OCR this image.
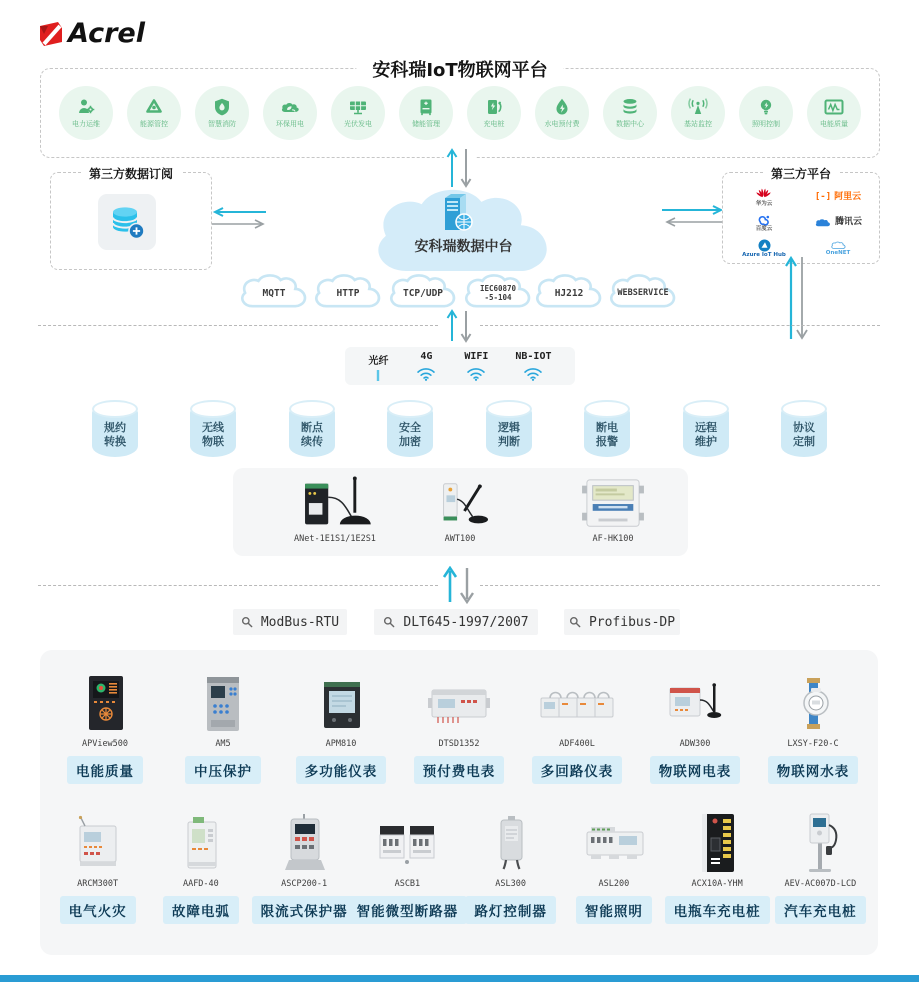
Acrel
安科瑞IoT物联网平台
电力运维	能源管控	智慧消防	环保用电	光伏发电	储能管理	充电桩	水电预付费	数据中心	基站监控	照明控制	电能质量
第三方数据订阅
安科瑞数据中台
第三方平台
华为云
[-] 阿里云
百度云
腾讯云
Azure IoT Hub	OneNET
MQTT	HTTP	TCP/UDP	IEC60870
-5-104	HJ212	WEBSERVICE
光纤	4G	WIFI	NB-IOT
规约
转换
无线
物联
断点
续传
安全
加密
逻辑
判断
断电
报警
远程
维护
协议
定制
ANet-1E1S1/1E2S1	AWT100	AF-HK100
ModBus-RTU	DLT645-1997/2007	Profibus-DP
APView500
电能质量
AM5
中压保护
APM810
多功能仪表
DTSD1352
预付费电表
ADF400L
多回路仪表
ADW300
物联网电表
LXSY-F20-C
物联网水表
ARCM300T
电气火灾
AAFD-40
故障电弧
ASCP200-1
限流式保护器
ASCB1
智能微型断路器
ASL300
路灯控制器
ASL200
智能照明
ACX10A-YHM
电瓶车充电桩
AEV-AC007D-LCD
汽车充电桩
